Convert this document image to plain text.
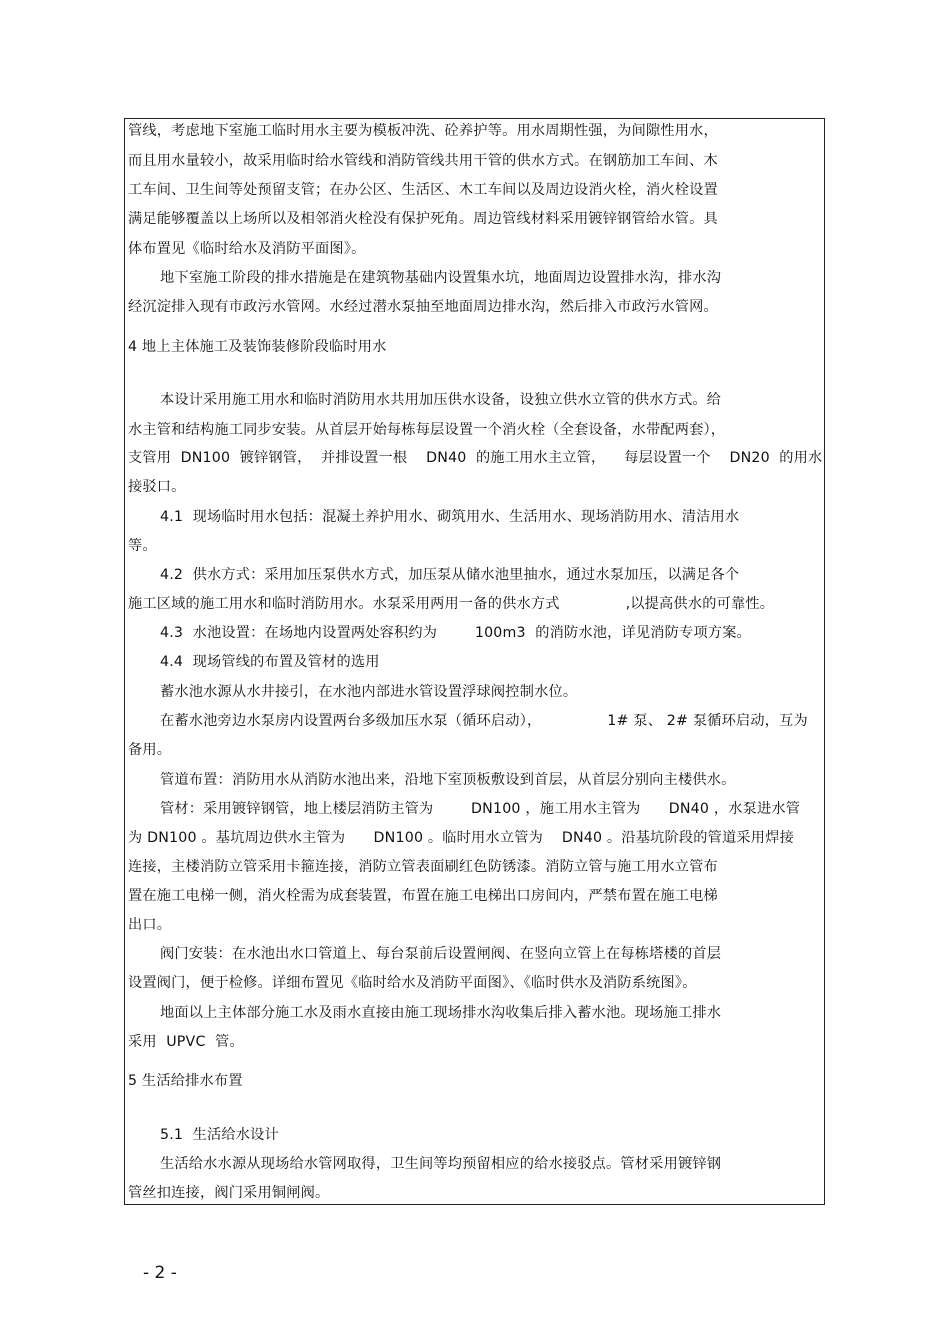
管线，考虑地下室施工临时用水主要为模板冲洗、砼养护等。用水周期性强，为间隙性用水，
而且用水量较小，故采用临时给水管线和消防管线共用干管的供水方式。在钢筋加工车间、木
工车间、卫生间等处预留支管；在办公区、生活区、木工车间以及周边设消火栓，消火栓设置
满足能够覆盖以上场所以及相邻消火栓没有保护死角。周边管线材料采用镀锌钢管给水管。具
体布置见《临时给水及消防平面图》。
地下室施工阶段的排水措施是在建筑物基础内设置集水坑，地面周边设置排水沟，排水沟
经沉淀排入现有市政污水管网。水经过潜水泵抽至地面周边排水沟，然后排入市政污水管网。
4 地上主体施工及装饰装修阶段临时用水
本设计采用施工用水和临时消防用水共用加压供水设备，设独立供水立管的供水方式。给
水主管和结构施工同步安装。从首层开始每栋每层设置一个消火栓（全套设备，水带配两套），
支管用  DN100  镀锌钢管，  并排设置一根    DN40  的施工用水主立管，    每层设置一个    DN20  的用水
接驳口。
4.1  现场临时用水包括：混凝土养护用水、砌筑用水、生活用水、现场消防用水、清洁用水
等。
4.2  供水方式：采用加压泵供水方式，加压泵从储水池里抽水，通过水泵加压，以满足各个
施工区域的施工用水和临时消防用水。水泵采用两用一备的供水方式              ,以提高供水的可靠性。
4.3  水池设置：在场地内设置两处容积约为        100m3  的消防水池，详见消防专项方案。
4.4  现场管线的布置及管材的选用
蓄水池水源从水井接引，在水池内部进水管设置浮球阀控制水位。
在蓄水池旁边水泵房内设置两台多级加压水泵（循环启动），              1# 泵、 2# 泵循环启动，互为
备用。
管道布置：消防用水从消防水池出来，沿地下室顶板敷设到首层，从首层分别向主楼供水。
管材：采用镀锌钢管，地上楼层消防主管为        DN100 ，施工用水主管为      DN40 ，水泵进水管
为 DN100 。基坑周边供水主管为      DN100 。临时用水立管为    DN40 。沿基坑阶段的管道采用焊接
连接，主楼消防立管采用卡箍连接，消防立管表面刷红色防锈漆。消防立管与施工用水立管布
置在施工电梯一侧，消火栓需为成套装置，布置在施工电梯出口房间内，严禁布置在施工电梯
出口。
阀门安装：在水池出水口管道上、每台泵前后设置闸阀、在竖向立管上在每栋塔楼的首层
设置阀门，便于检修。详细布置见《临时给水及消防平面图》、《临时供水及消防系统图》。
地面以上主体部分施工水及雨水直接由施工现场排水沟收集后排入蓄水池。现场施工排水
采用  UPVC  管。
5 生活给排水布置
5.1  生活给水设计
生活给水水源从现场给水管网取得，卫生间等均预留相应的给水接驳点。管材采用镀锌钢
管丝扣连接，阀门采用铜闸阀。
- 2 -
